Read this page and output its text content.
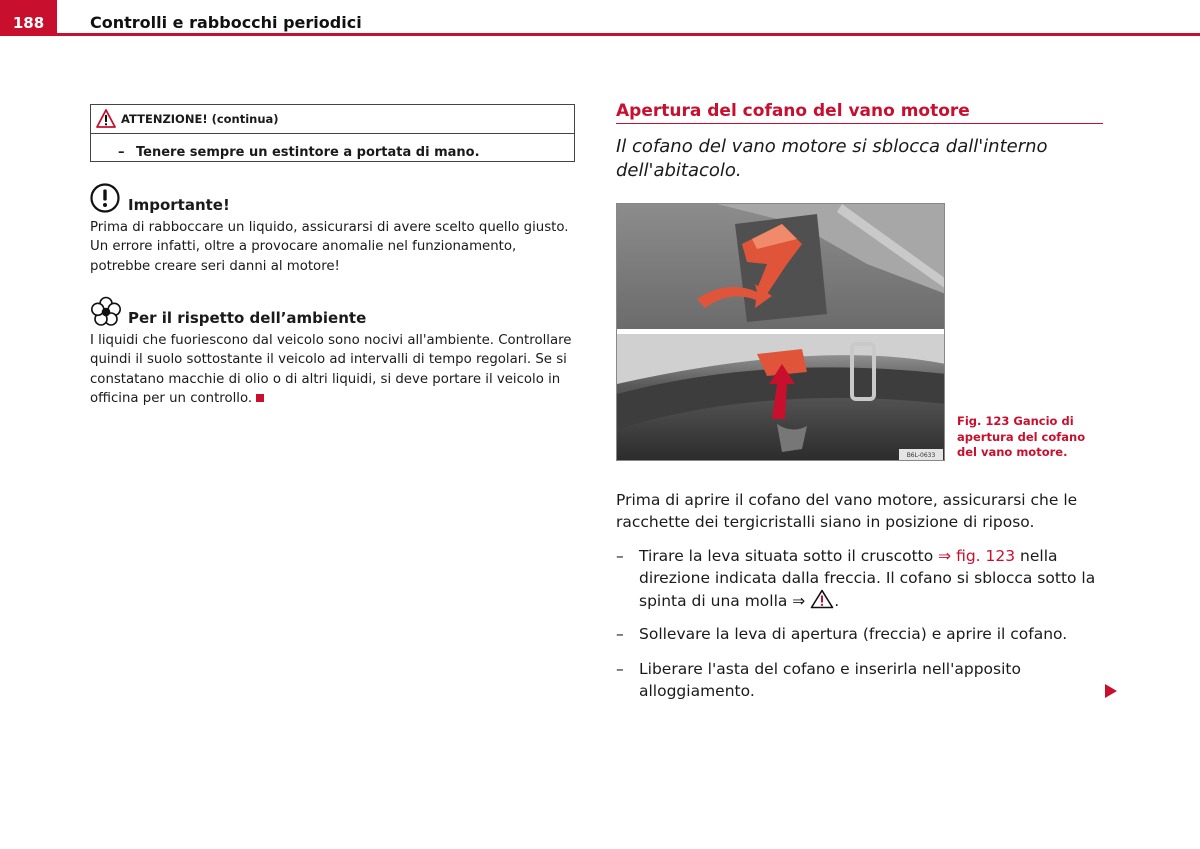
188	Controlli e rabbocchi periodici
ATTENZIONE! (continua)
– Tenere sempre un estintore a portata di mano.
Importante!
Prima di rabboccare un liquido, assicurarsi di avere scelto quello giusto. Un errore infatti, oltre a provocare anomalie nel funzionamento, potrebbe creare seri danni al motore!
Per il rispetto dell’ambiente
I liquidi che fuoriescono dal veicolo sono nocivi all'ambiente. Controllare quindi il suolo sottostante il veicolo ad intervalli di tempo regolari. Se si constatano macchie di olio o di altri liquidi, si deve portare il veicolo in officina per un controllo.
Apertura del cofano del vano motore
Il cofano del vano motore si sblocca dall'interno dell'abitacolo.
B6L-0633
Fig. 123 Gancio di apertura del cofano del vano motore.
Prima di aprire il cofano del vano motore, assicurarsi che le racchette dei tergicristalli siano in posizione di riposo.
– Tirare la leva situata sotto il cruscotto ⇒ fig. 123 nella direzione indicata dalla freccia. Il cofano si sblocca sotto la spinta di una molla ⇒ .
– Sollevare la leva di apertura (freccia) e aprire il cofano.
– Liberare l'asta del cofano e inserirla nell'apposito alloggiamento.
